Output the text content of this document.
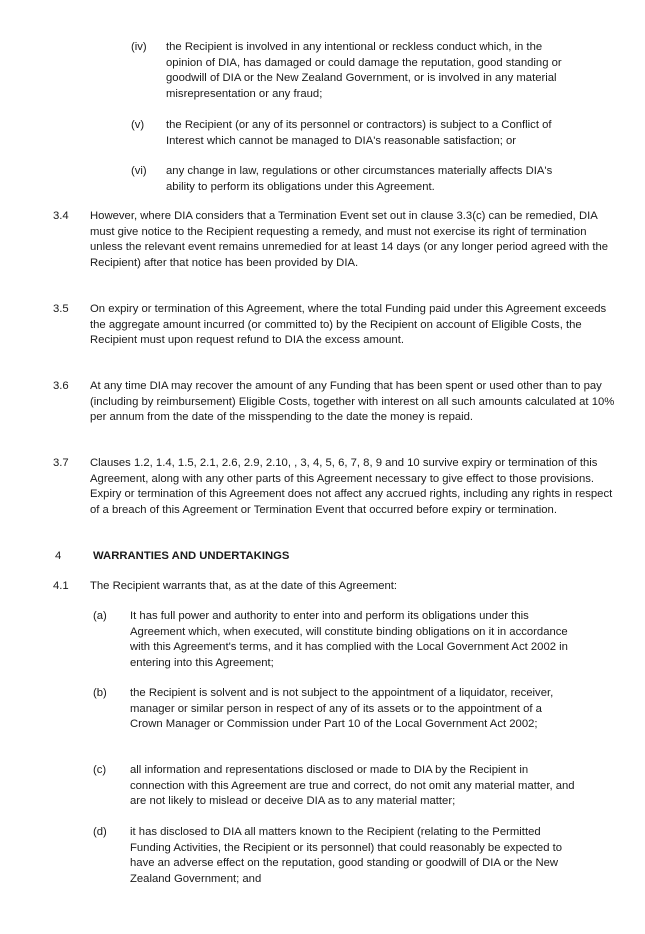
(iv) the Recipient is involved in any intentional or reckless conduct which, in the opinion of DIA, has damaged or could damage the reputation, good standing or goodwill of DIA or the New Zealand Government, or is involved in any material misrepresentation or any fraud;
(v) the Recipient (or any of its personnel or contractors) is subject to a Conflict of Interest which cannot be managed to DIA's reasonable satisfaction; or
(vi) any change in law, regulations or other circumstances materially affects DIA's ability to perform its obligations under this Agreement.
3.4 However, where DIA considers that a Termination Event set out in clause 3.3(c) can be remedied, DIA must give notice to the Recipient requesting a remedy, and must not exercise its right of termination unless the relevant event remains unremedied for at least 14 days (or any longer period agreed with the Recipient) after that notice has been provided by DIA.
3.5 On expiry or termination of this Agreement, where the total Funding paid under this Agreement exceeds the aggregate amount incurred (or committed to) by the Recipient on account of Eligible Costs, the Recipient must upon request refund to DIA the excess amount.
3.6 At any time DIA may recover the amount of any Funding that has been spent or used other than to pay (including by reimbursement) Eligible Costs, together with interest on all such amounts calculated at 10% per annum from the date of the misspending to the date the money is repaid.
3.7 Clauses 1.2, 1.4, 1.5, 2.1, 2.6, 2.9, 2.10, , 3, 4, 5, 6, 7, 8, 9 and 10 survive expiry or termination of this Agreement, along with any other parts of this Agreement necessary to give effect to those provisions. Expiry or termination of this Agreement does not affect any accrued rights, including any rights in respect of a breach of this Agreement or Termination Event that occurred before expiry or termination.
4	WARRANTIES AND UNDERTAKINGS
4.1 The Recipient warrants that, as at the date of this Agreement:
(a) It has full power and authority to enter into and perform its obligations under this Agreement which, when executed, will constitute binding obligations on it in accordance with this Agreement's terms, and it has complied with the Local Government Act 2002 in entering into this Agreement;
(b) the Recipient is solvent and is not subject to the appointment of a liquidator, receiver, manager or similar person in respect of any of its assets or to the appointment of a Crown Manager or Commission under Part 10 of the Local Government Act 2002;
(c) all information and representations disclosed or made to DIA by the Recipient in connection with this Agreement are true and correct, do not omit any material matter, and are not likely to mislead or deceive DIA as to any material matter;
(d) it has disclosed to DIA all matters known to the Recipient (relating to the Permitted Funding Activities, the Recipient or its personnel) that could reasonably be expected to have an adverse effect on the reputation, good standing or goodwill of DIA or the New Zealand Government; and
